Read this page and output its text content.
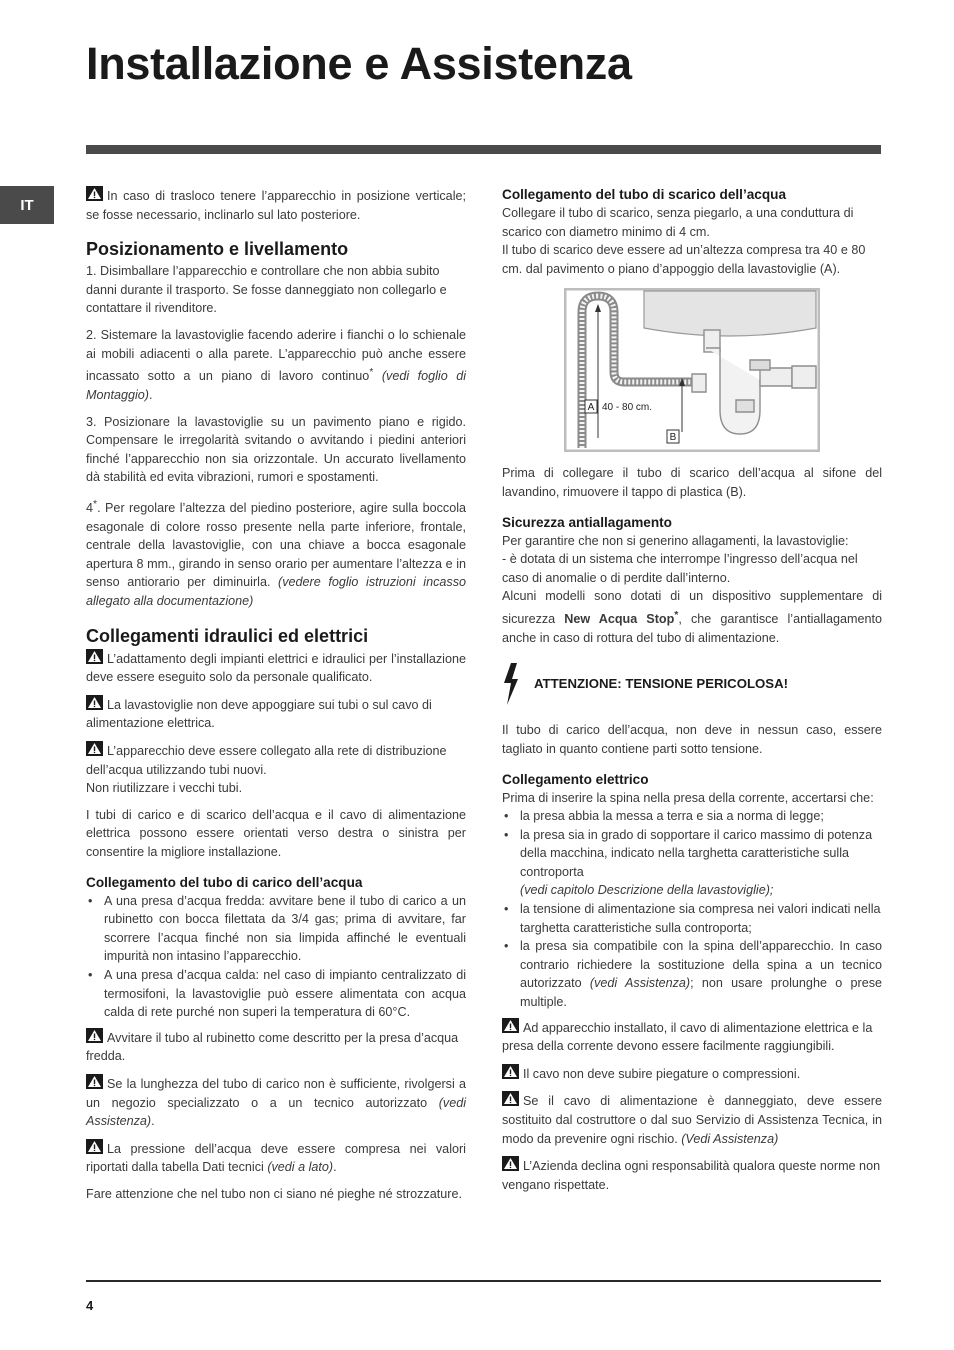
Installazione e Assistenza
IT

In caso di trasloco tenere l’apparecchio in posizione verticale; se fosse necessario, inclinarlo sul lato posteriore.

Posizionamento e livellamento

1. Disimballare l’apparecchio e controllare che non abbia subito danni durante il trasporto. Se fosse danneggiato non collegarlo e contattare il rivenditore.

2. Sistemare la lavastoviglie facendo aderire i fianchi o lo schienale ai mobili adiacenti o alla parete. L’apparecchio può anche essere incassato sotto a un piano di lavoro continuo* (vedi foglio di Montaggio).

3. Posizionare la lavastoviglie su un pavimento piano e rigido. Compensare le irregolarità svitando o avvitando i piedini anteriori finché l’apparecchio non sia orizzontale. Un accurato livellamento dà stabilità ed evita vibrazioni, rumori e spostamenti.

4*. Per regolare l’altezza del piedino posteriore, agire sulla boccola esagonale di colore rosso presente nella parte inferiore, frontale, centrale della lavastoviglie, con una chiave a bocca esagonale apertura 8 mm., girando in senso orario per aumentare l’altezza e in senso antiorario per diminuirla. (vedere foglio istruzioni incasso allegato alla documentazione)

Collegamenti idraulici ed elettrici

L’adattamento degli impianti elettrici e idraulici per l’installazione deve essere eseguito solo da personale qualificato.

La lavastoviglie non deve appoggiare sui tubi o sul cavo di alimentazione elettrica.

L’apparecchio deve essere collegato alla rete di distribuzione dell’acqua utilizzando tubi nuovi.
Non riutilizzare i vecchi tubi.

I tubi di carico e di scarico dell’acqua e il cavo di alimentazione elettrica possono essere orientati verso destra o sinistra per consentire la migliore installazione.

Collegamento del tubo di carico dell’acqua
• A una presa d’acqua fredda: avvitare bene il tubo di carico a un rubinetto con bocca filettata da 3/4 gas; prima di avvitare, far scorrere l’acqua finché non sia limpida affinché le eventuali impurità non intasino l’apparecchio.
• A una presa d’acqua calda: nel caso di impianto centralizzato di termosifoni, la lavastoviglie può essere alimentata con acqua calda di rete purché non superi la temperatura di 60°C.

Avvitare il tubo al rubinetto come descritto per la presa d’acqua fredda.

Se la lunghezza del tubo di carico non è sufficiente, rivolgersi a un negozio specializzato o a un tecnico autorizzato (vedi Assistenza).

La pressione dell’acqua deve essere compresa nei valori riportati dalla tabella Dati tecnici (vedi a lato).

Fare attenzione che nel tubo non ci siano né pieghe né strozzature.

Collegamento del tubo di scarico dell’acqua

Collegare il tubo di scarico, senza piegarlo, a una conduttura di scarico con diametro minimo di 4 cm.

Il tubo di scarico deve essere ad un’altezza compresa tra 40 e 80 cm. dal pavimento o piano d’appoggio della lavastoviglie (A).

A 40 - 80 cm.
B

Prima di collegare il tubo di scarico dell’acqua al sifone del lavandino, rimuovere il tappo di plastica (B).

Sicurezza antiallagamento

Per garantire che non si generino allagamenti, la lavastoviglie:

- è dotata di un sistema che interrompe l’ingresso dell’acqua nel caso di anomalie o di perdite dall’interno.

Alcuni modelli sono dotati di un dispositivo supplementare di sicurezza New Acqua Stop*, che garantisce l’antiallagamento anche in caso di rottura del tubo di alimentazione.

ATTENZIONE: TENSIONE PERICOLOSA!

Il tubo di carico dell’acqua, non deve in nessun caso, essere tagliato in quanto contiene parti sotto tensione.

Collegamento elettrico

Prima di inserire la spina nella presa della corrente, accertarsi che:

• la presa abbia la messa a terra e sia a norma di legge;
• la presa sia in grado di sopportare il carico massimo di potenza della macchina, indicato nella targhetta caratteristiche sulla controporta
(vedi capitolo Descrizione della lavastoviglie);
• la tensione di alimentazione sia compresa nei valori indicati nella targhetta caratteristiche sulla controporta;
• la presa sia compatibile con la spina dell’apparecchio. In caso contrario richiedere la sostituzione della spina a un tecnico autorizzato (vedi Assistenza); non usare prolunghe o prese multiple.

Ad apparecchio installato, il cavo di alimentazione elettrica e la presa della corrente devono essere facilmente raggiungibili.

Il cavo non deve subire piegature o compressioni.

Se il cavo di alimentazione è danneggiato, deve essere sostituito dal costruttore o dal suo Servizio di Assistenza Tecnica, in modo da prevenire ogni rischio. (Vedi Assistenza)

L’Azienda declina ogni responsabilità qualora queste norme non vengano rispettate.

4
